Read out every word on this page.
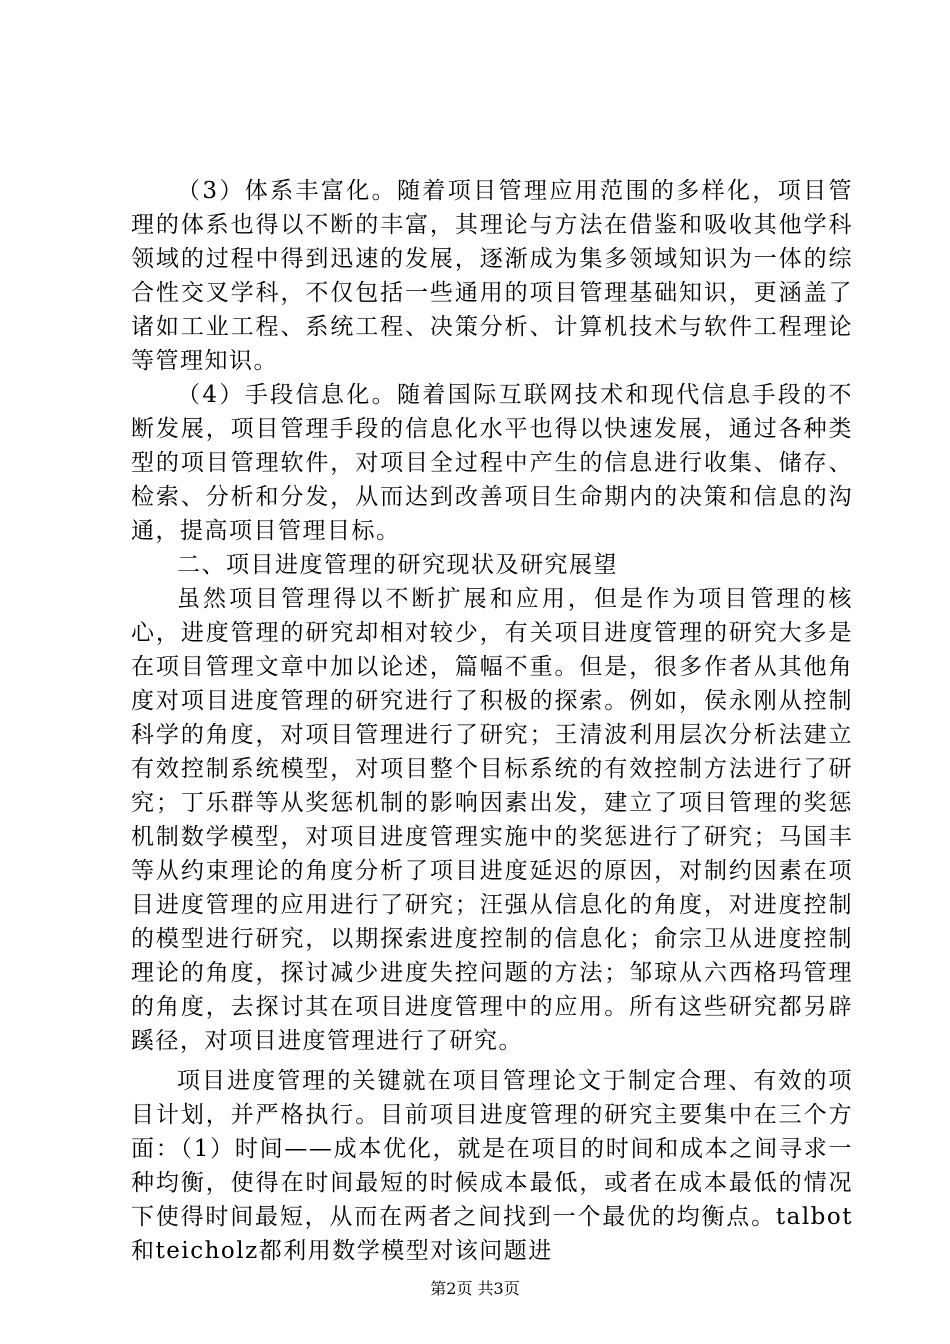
（3）体系丰富化。随着项目管理应用范围的多样化，项目管理的体系也得以不断的丰富，其理论与方法在借鉴和吸收其他学科领域的过程中得到迅速的发展，逐渐成为集多领域知识为一体的综合性交叉学科，不仅包括一些通用的项目管理基础知识，更涵盖了诸如工业工程、系统工程、决策分析、计算机技术与软件工程理论等管理知识。

（4）手段信息化。随着国际互联网技术和现代信息手段的不断发展，项目管理手段的信息化水平也得以快速发展，通过各种类型的项目管理软件，对项目全过程中产生的信息进行收集、储存、检索、分析和分发，从而达到改善项目生命期内的决策和信息的沟通，提高项目管理目标。

二、项目进度管理的研究现状及研究展望

虽然项目管理得以不断扩展和应用，但是作为项目管理的核心，进度管理的研究却相对较少，有关项目进度管理的研究大多是在项目管理文章中加以论述，篇幅不重。但是，很多作者从其他角度对项目进度管理的研究进行了积极的探索。例如，侯永刚从控制科学的角度，对项目管理进行了研究；王清波利用层次分析法建立有效控制系统模型，对项目整个目标系统的有效控制方法进行了研究；丁乐群等从奖惩机制的影响因素出发，建立了项目管理的奖惩机制数学模型，对项目进度管理实施中的奖惩进行了研究；马国丰等从约束理论的角度分析了项目进度延迟的原因，对制约因素在项目进度管理的应用进行了研究；汪强从信息化的角度，对进度控制的模型进行研究，以期探索进度控制的信息化；俞宗卫从进度控制理论的角度，探讨减少进度失控问题的方法；邹琼从六西格玛管理的角度，去探讨其在项目进度管理中的应用。所有这些研究都另辟蹊径，对项目进度管理进行了研究。

项目进度管理的关键就在项目管理论文于制定合理、有效的项目计划，并严格执行。目前项目进度管理的研究主要集中在三个方面：（1）时间——成本优化，就是在项目的时间和成本之间寻求一种均衡，使得在时间最短的时候成本最低，或者在成本最低的情况下使得时间最短，从而在两者之间找到一个最优的均衡点。talbot和teicholz都利用数学模型对该问题进

第2页 共3页
